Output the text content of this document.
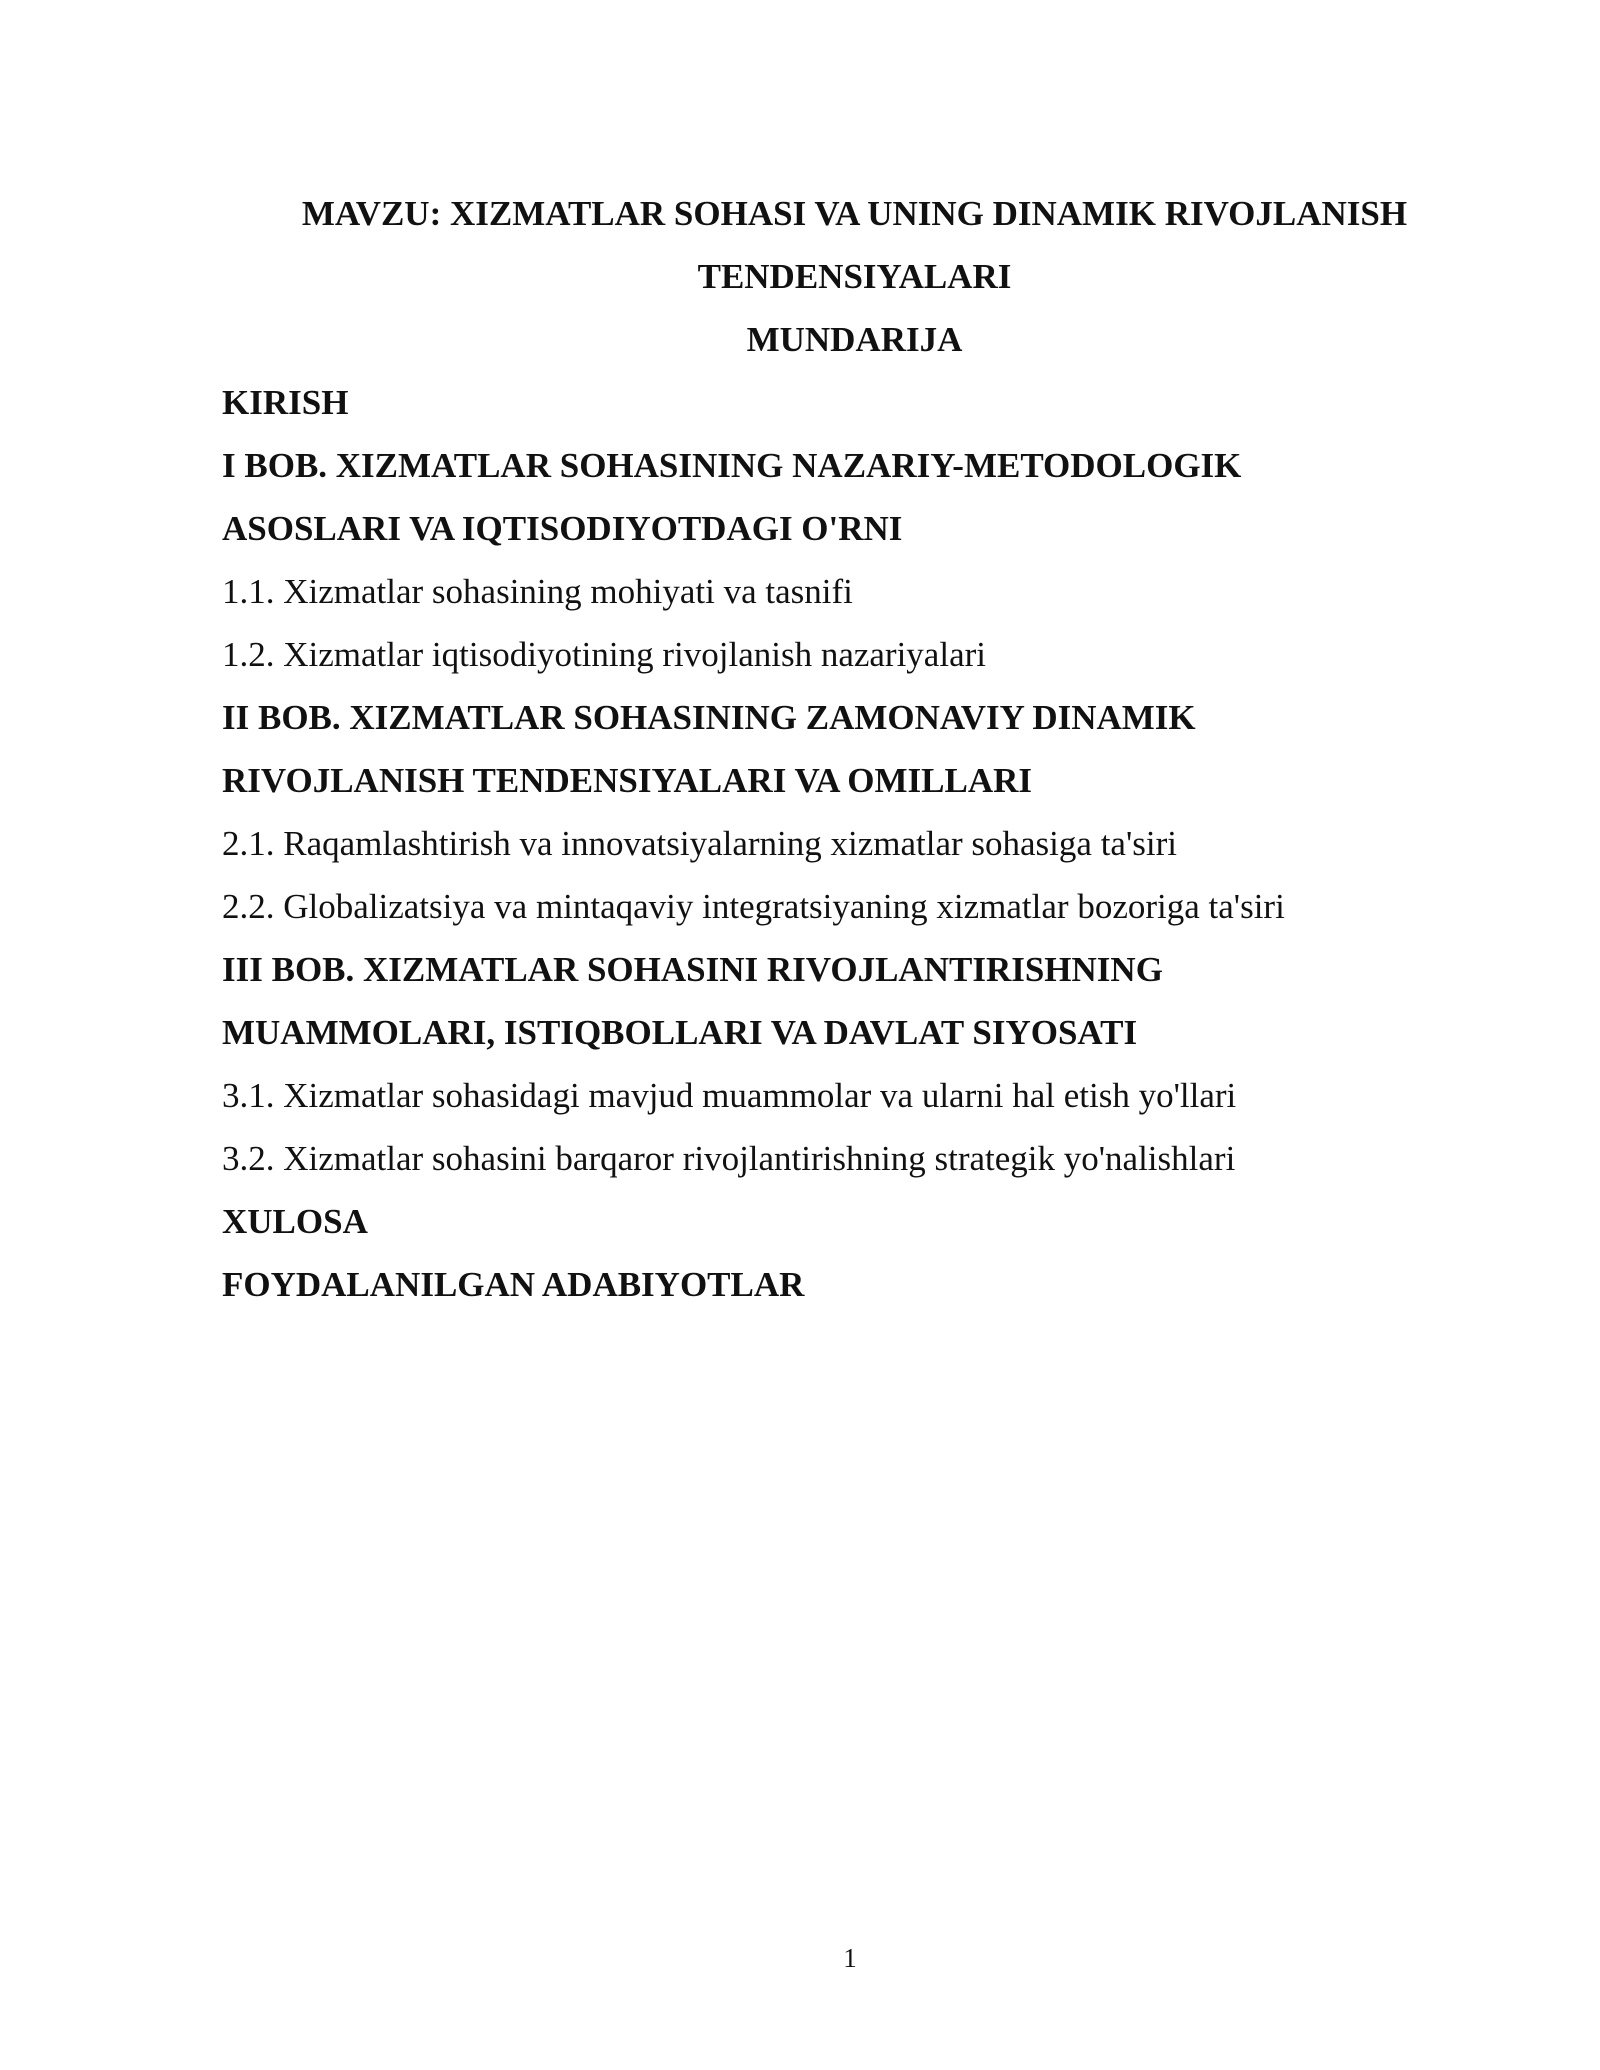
MAVZU: XIZMATLAR SOHASI VA UNING DINAMIK RIVOJLANISH
TENDENSIYALARI
MUNDARIJA
KIRISH
I BOB. XIZMATLAR SOHASINING NAZARIY-METODOLOGIK
ASOSLARI VA IQTISODIYOTDAGI O'RNI
1.1. Xizmatlar sohasining mohiyati va tasnifi
1.2. Xizmatlar iqtisodiyotining rivojlanish nazariyalari
II BOB. XIZMATLAR SOHASINING ZAMONAVIY DINAMIK
RIVOJLANISH TENDENSIYALARI VA OMILLARI
2.1. Raqamlashtirish va innovatsiyalarning xizmatlar sohasiga ta'siri
2.2. Globalizatsiya va mintaqaviy integratsiyaning xizmatlar bozoriga ta'siri
III BOB. XIZMATLAR SOHASINI RIVOJLANTIRISHNING
MUAMMOLARI, ISTIQBOLLARI VA DAVLAT SIYOSATI
3.1. Xizmatlar sohasidagi mavjud muammolar va ularni hal etish yo'llari
3.2. Xizmatlar sohasini barqaror rivojlantirishning strategik yo'nalishlari
XULOSA
FOYDALANILGAN ADABIYOTLAR
1
